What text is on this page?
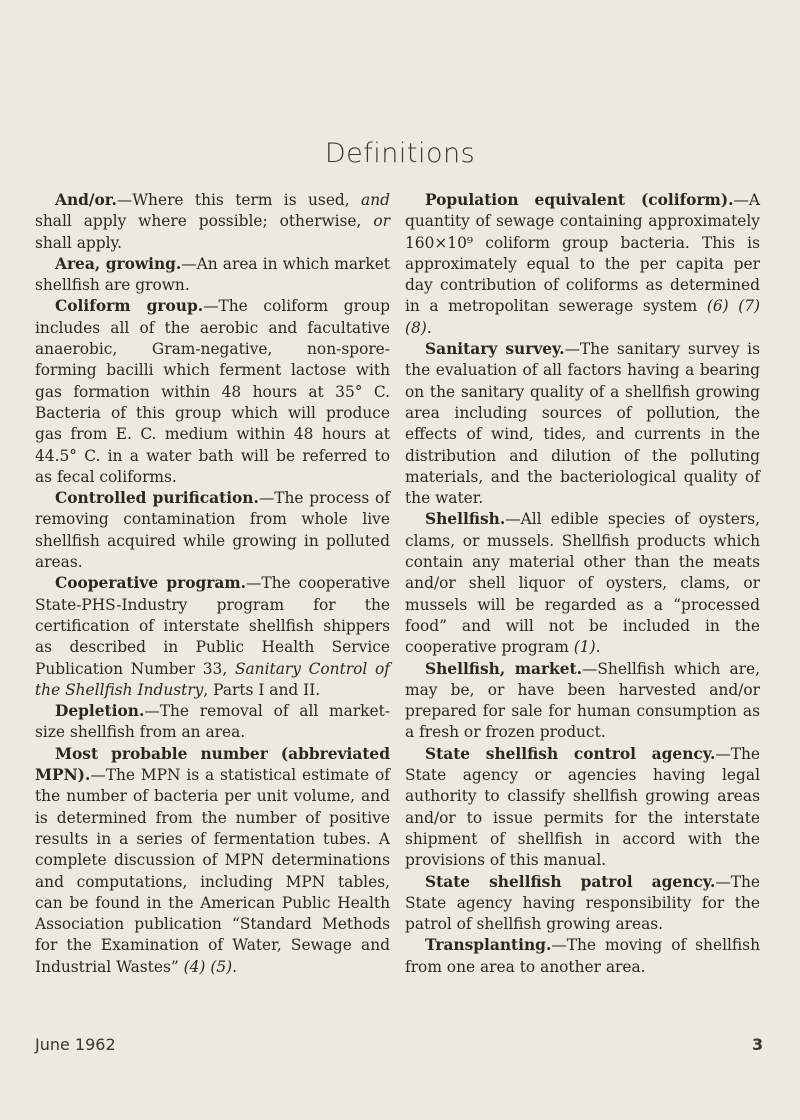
Definitions

And/or.—Where this term is used, and shall apply where possible; otherwise, or shall apply.

Area, growing.—An area in which market shellfish are grown.

Coliform group.—The coliform group includes all of the aerobic and facultative anaerobic, Gram-negative, non-spore-forming bacilli which ferment lactose with gas formation within 48 hours at 35° C. Bacteria of this group which will produce gas from E. C. medium within 48 hours at 44.5° C. in a water bath will be referred to as fecal coliforms.

Controlled purification.—The process of removing contamination from whole live shellfish acquired while growing in polluted areas.

Cooperative program.—The cooperative State-PHS-Industry program for the certification of interstate shellfish shippers as described in Public Health Service Publication Number 33, Sanitary Control of the Shellfish Industry, Parts I and II.

Depletion.—The removal of all market-size shellfish from an area.

Most probable number (abbreviated MPN).—The MPN is a statistical estimate of the number of bacteria per unit volume, and is determined from the number of positive results in a series of fermentation tubes. A complete discussion of MPN determinations and computations, including MPN tables, can be found in the American Public Health Association publication “Standard Methods for the Examination of Water, Sewage and Industrial Wastes” (4) (5).

Population equivalent (coliform).—A quantity of sewage containing approximately 160×10⁹ coliform group bacteria. This is approximately equal to the per capita per day contribution of coliforms as determined in a metropolitan sewerage system (6) (7) (8).

Sanitary survey.—The sanitary survey is the evaluation of all factors having a bearing on the sanitary quality of a shellfish growing area including sources of pollution, the effects of wind, tides, and currents in the distribution and dilution of the polluting materials, and the bacteriological quality of the water.

Shellfish.—All edible species of oysters, clams, or mussels. Shellfish products which contain any material other than the meats and/or shell liquor of oysters, clams, or mussels will be regarded as a “processed food” and will not be included in the cooperative program (1).

Shellfish, market.—Shellfish which are, may be, or have been harvested and/or prepared for sale for human consumption as a fresh or frozen product.

State shellfish control agency.—The State agency or agencies having legal authority to classify shellfish growing areas and/or to issue permits for the interstate shipment of shellfish in accord with the provisions of this manual.

State shellfish patrol agency.—The State agency having responsibility for the patrol of shellfish growing areas.

Transplanting.—The moving of shellfish from one area to another area.

June 1962	3
